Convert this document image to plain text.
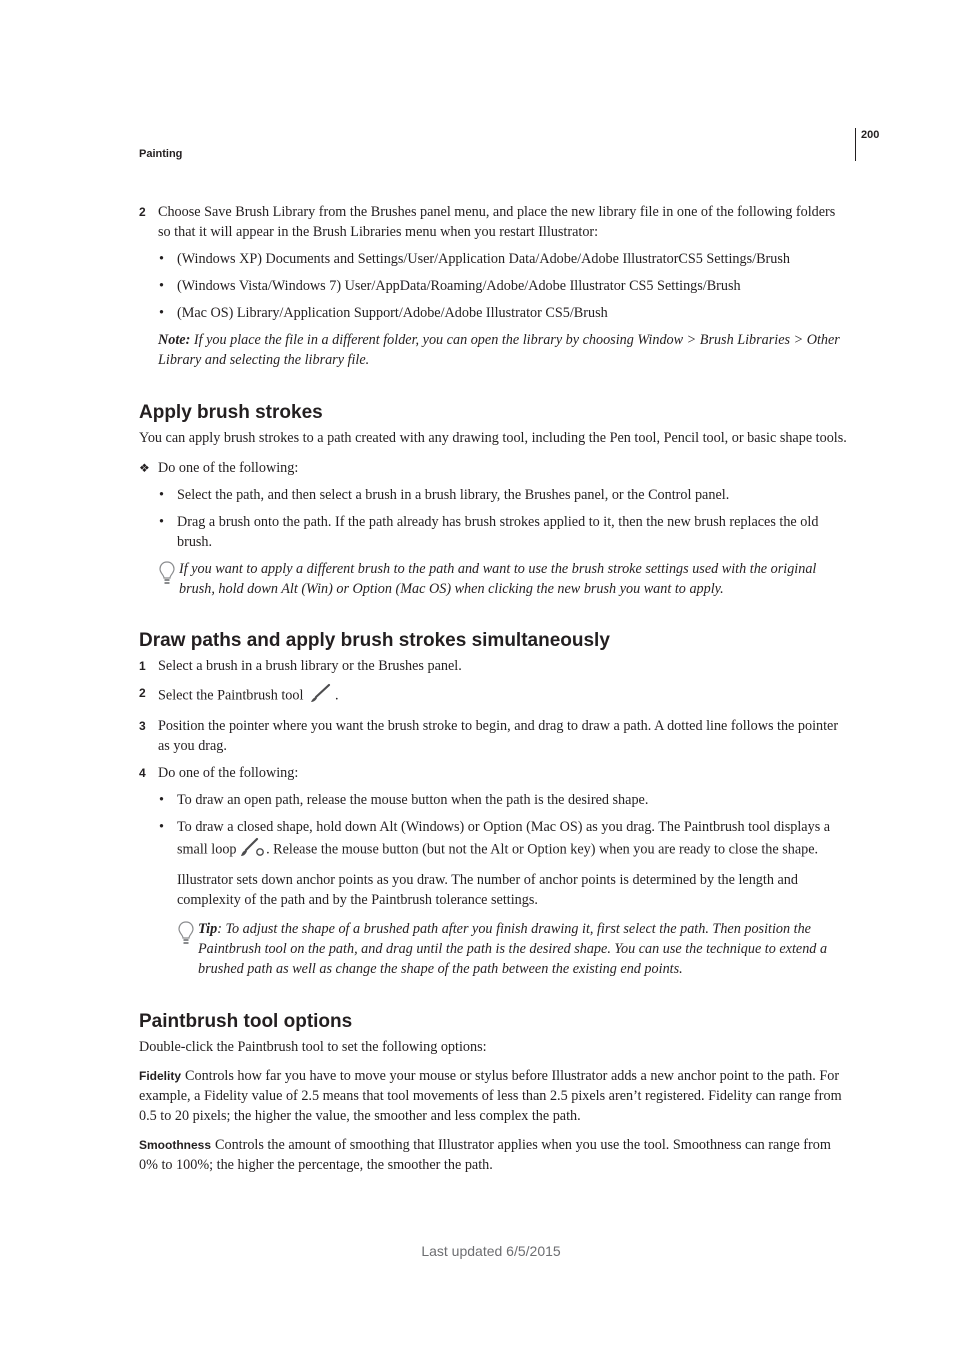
200
Painting
2 Choose Save Brush Library from the Brushes panel menu, and place the new library file in one of the following folders so that it will appear in the Brush Libraries menu when you restart Illustrator:

• (Windows XP) Documents and Settings/User/Application Data/Adobe/Adobe IllustratorCS5 Settings/Brush

• (Windows Vista/Windows 7) User/AppData/Roaming/Adobe/Adobe Illustrator CS5 Settings/Brush

• (Mac OS) Library/Application Support/Adobe/Adobe Illustrator CS5/Brush

Note: If you place the file in a different folder, you can open the library by choosing Window > Brush Libraries > Other Library and selecting the library file.

Apply brush strokes

You can apply brush strokes to a path created with any drawing tool, including the Pen tool, Pencil tool, or basic shape tools.

❖ Do one of the following:

• Select the path, and then select a brush in a brush library, the Brushes panel, or the Control panel.

• Drag a brush onto the path. If the path already has brush strokes applied to it, then the new brush replaces the old brush.

If you want to apply a different brush to the path and want to use the brush stroke settings used with the original brush, hold down Alt (Win) or Option (Mac OS) when clicking the new brush you want to apply.

Draw paths and apply brush strokes simultaneously
1 Select a brush in a brush library or the Brushes panel.

2 Select the Paintbrush tool .

3 Position the pointer where you want the brush stroke to begin, and drag to draw a path. A dotted line follows the pointer as you drag.

4 Do one of the following:

• To draw an open path, release the mouse button when the path is the desired shape.

• To draw a closed shape, hold down Alt (Windows) or Option (Mac OS) as you drag. The Paintbrush tool displays a small loop . Release the mouse button (but not the Alt or Option key) when you are ready to close the shape.

Illustrator sets down anchor points as you draw. The number of anchor points is determined by the length and complexity of the path and by the Paintbrush tolerance settings.

Tip: To adjust the shape of a brushed path after you finish drawing it, first select the path. Then position the Paintbrush tool on the path, and drag until the path is the desired shape. You can use the technique to extend a brushed path as well as change the shape of the path between the existing end points.

Paintbrush tool options

Double-click the Paintbrush tool to set the following options:

Fidelity Controls how far you have to move your mouse or stylus before Illustrator adds a new anchor point to the path. For example, a Fidelity value of 2.5 means that tool movements of less than 2.5 pixels aren’t registered. Fidelity can range from 0.5 to 20 pixels; the higher the value, the smoother and less complex the path.

Smoothness Controls the amount of smoothing that Illustrator applies when you use the tool. Smoothness can range from 0% to 100%; the higher the percentage, the smoother the path.

Last updated 6/5/2015
